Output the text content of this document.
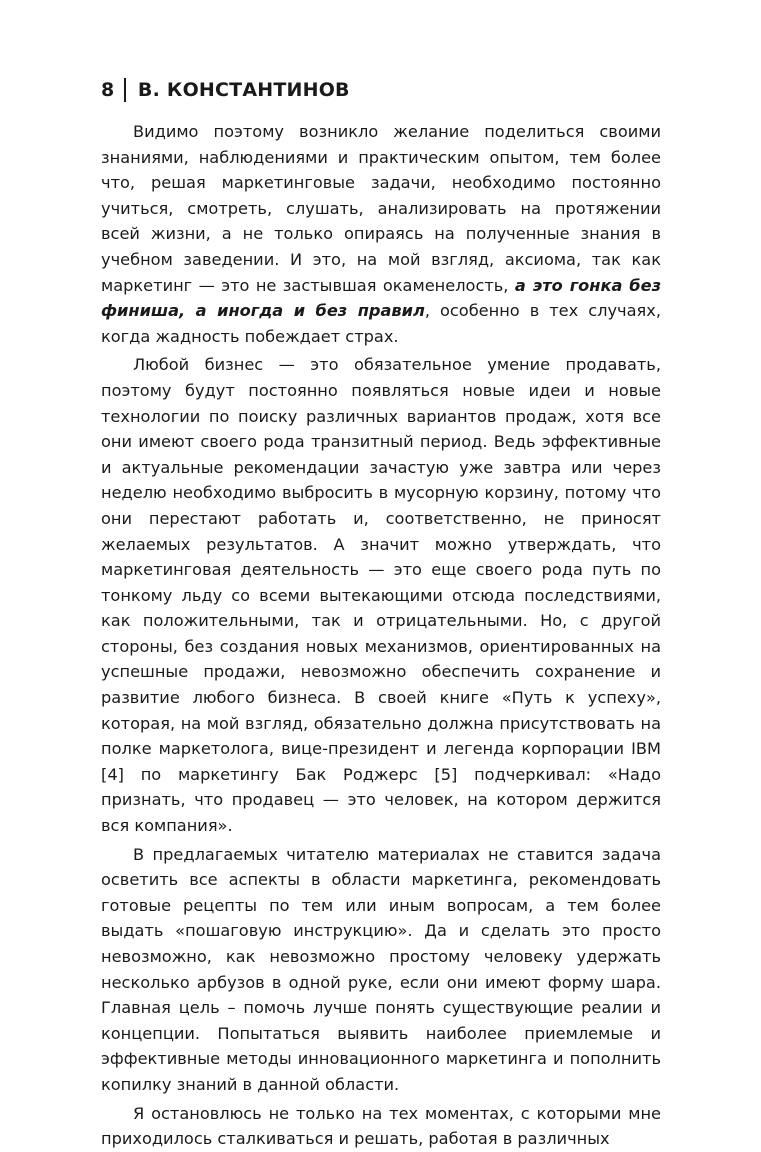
8 В. КОНСТАНТИНОВ

Видимо поэтому возникло желание поделиться своими знаниями, наблюдениями и практическим опытом, тем более что, решая маркетинговые задачи, необходимо постоянно учиться, смотреть, слушать, анализировать на протяжении всей жизни, а не только опираясь на полученные знания в учебном заведении. И это, на мой взгляд, аксиома, так как маркетинг — это не застывшая окаменелость, а это гонка без финиша, а иногда и без правил, особенно в тех случаях, когда жадность побеждает страх.

Любой бизнес — это обязательное умение продавать, поэтому будут постоянно появляться новые идеи и новые технологии по поиску различных вариантов продаж, хотя все они имеют своего рода транзитный период. Ведь эффективные и актуальные рекомендации зачастую уже завтра или через неделю необходимо выбросить в мусорную корзину, потому что они перестают работать и, соответственно, не приносят желаемых результатов. А значит можно утверждать, что маркетинговая деятельность — это еще своего рода путь по тонкому льду со всеми вытекающими отсюда последствиями, как положительными, так и отрицательными. Но, с другой стороны, без создания новых механизмов, ориентированных на успешные продажи, невозможно обеспечить сохранение и развитие любого бизнеса. В своей книге «Путь к успеху», которая, на мой взгляд, обязательно должна присутствовать на полке маркетолога, вице-президент и легенда корпорации IBM [4] по маркетингу Бак Роджерс [5] подчеркивал: «Надо признать, что продавец — это человек, на котором держится вся компания».

В предлагаемых читателю материалах не ставится задача осветить все аспекты в области маркетинга, рекомендовать готовые рецепты по тем или иным вопросам, а тем более выдать «пошаговую инструкцию». Да и сделать это просто невозможно, как невозможно простому человеку удержать несколько арбузов в одной руке, если они имеют форму шара. Главная цель – помочь лучше понять существующие реалии и концепции. Попытаться выявить наиболее приемлемые и эффективные методы инновационного маркетинга и пополнить копилку знаний в данной области.

Я остановлюсь не только на тех моментах, с которыми мне приходилось сталкиваться и решать, работая в различных
